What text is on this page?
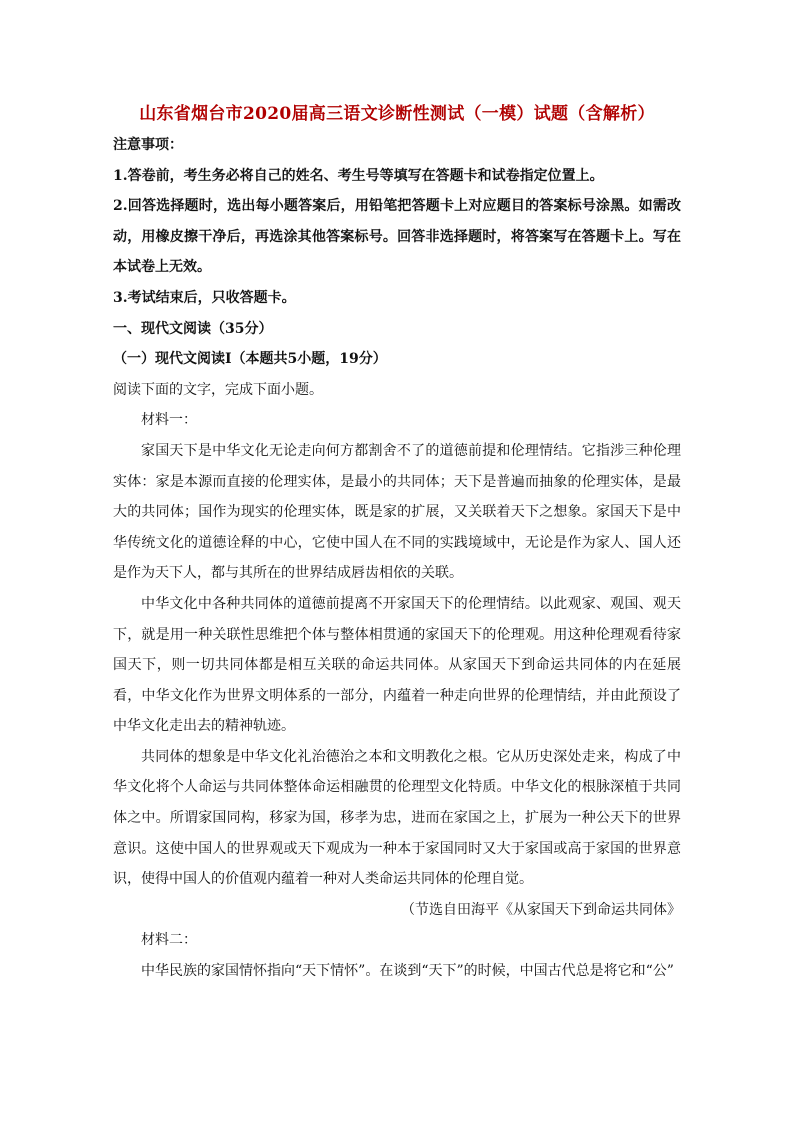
山东省烟台市2020届高三语文诊断性测试（一模）试题（含解析）

注意事项：

1.答卷前，考生务必将自己的姓名、考生号等填写在答题卡和试卷指定位置上。

2.回答选择题时，选出每小题答案后，用铅笔把答题卡上对应题目的答案标号涂黑。如需改动，用橡皮擦干净后，再选涂其他答案标号。回答非选择题时，将答案写在答题卡上。写在本试卷上无效。

3.考试结束后，只收答题卡。

一、现代文阅读（35分）

（一）现代文阅读Ⅰ（本题共5小题，19分）

阅读下面的文字，完成下面小题。

材料一：

家国天下是中华文化无论走向何方都割舍不了的道德前提和伦理情结。它指涉三种伦理实体：家是本源而直接的伦理实体，是最小的共同体；天下是普遍而抽象的伦理实体，是最大的共同体；国作为现实的伦理实体，既是家的扩展，又关联着天下之想象。家国天下是中华传统文化的道德诠释的中心，它使中国人在不同的实践境域中，无论是作为家人、国人还是作为天下人，都与其所在的世界结成唇齿相依的关联。

中华文化中各种共同体的道德前提离不开家国天下的伦理情结。以此观家、观国、观天下，就是用一种关联性思维把个体与整体相贯通的家国天下的伦理观。用这种伦理观看待家国天下，则一切共同体都是相互关联的命运共同体。从家国天下到命运共同体的内在延展看，中华文化作为世界文明体系的一部分，内蕴着一种走向世界的伦理情结，并由此预设了中华文化走出去的精神轨迹。

共同体的想象是中华文化礼治德治之本和文明教化之根。它从历史深处走来，构成了中华文化将个人命运与共同体整体命运相融贯的伦理型文化特质。中华文化的根脉深植于共同体之中。所谓家国同构，移家为国，移孝为忠，进而在家国之上，扩展为一种公天下的世界意识。这使中国人的世界观或天下观成为一种本于家国同时又大于家国或高于家国的世界意识，使得中国人的价值观内蕴着一种对人类命运共同体的伦理自觉。

（节选自田海平《从家国天下到命运共同体》

材料二：

中华民族的家国情怀指向“天下情怀”。在谈到“天下”的时候，中国古代总是将它和“公”
